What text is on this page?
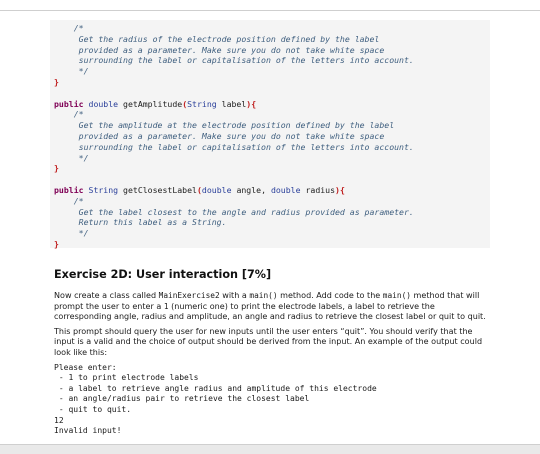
/*
Get the radius of the electrode position defined by the label
provided as a parameter. Make sure you do not take white space
surrounding the label or capitalisation of the letters into account.
*/
}

public double getAmplitude(String label){
/*
Get the amplitude at the electrode position defined by the label
provided as a parameter. Make sure you do not take white space
surrounding the label or capitalisation of the letters into account.
*/
}

public String getClosestLabel(double angle, double radius){
/*
Get the label closest to the angle and radius provided as parameter.
Return this label as a String.
*/
}
Exercise 2D: User interaction [7%]

Now create a class called MainExercise2 with a main() method. Add code to the main() method that will prompt the user to enter a 1 (numeric one) to print the electrode labels, a label to retrieve the corresponding angle, radius and amplitude, an angle and radius to retrieve the closest label or quit to quit.

This prompt should query the user for new inputs until the user enters “quit”. You should verify that the input is a valid and the choice of output should be derived from the input. An example of the output could look like this:

Please enter:
- 1 to print electrode labels
- a label to retrieve angle radius and amplitude of this electrode
- an angle/radius pair to retrieve the closest label
- quit to quit.
12
Invalid input!
